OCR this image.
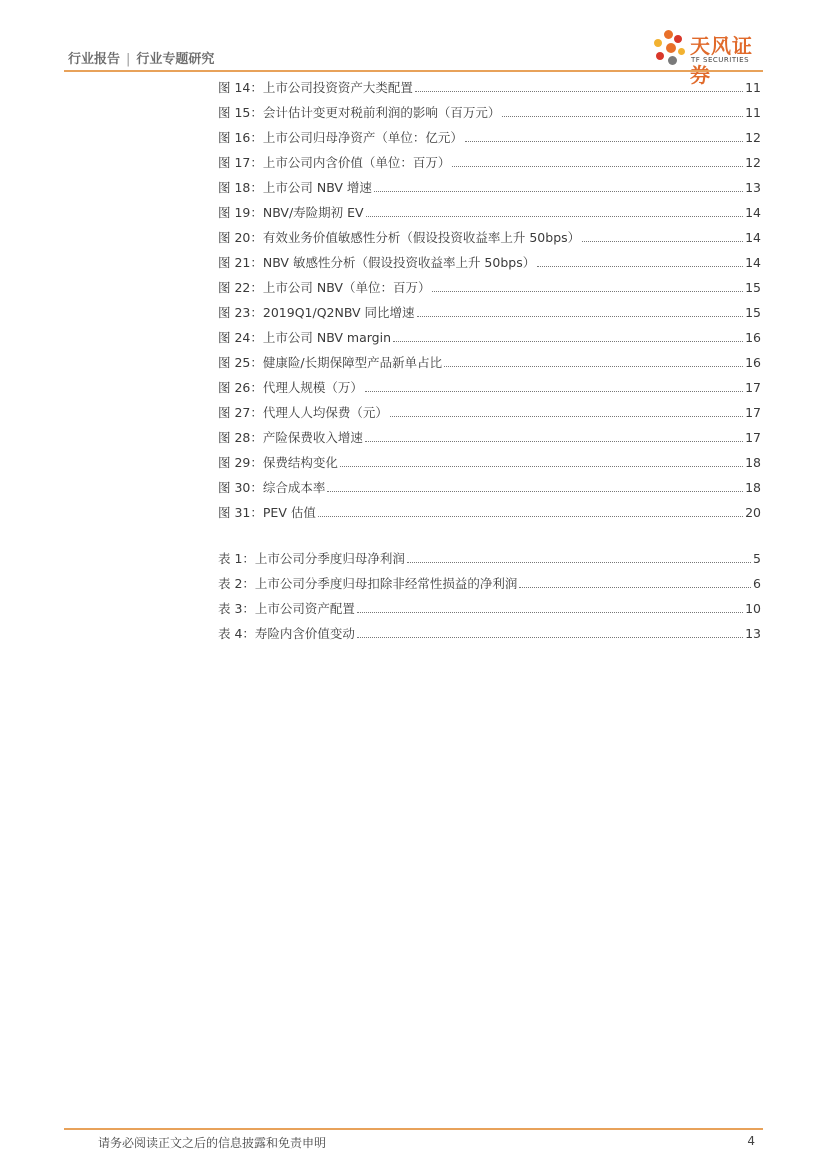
行业报告 | 行业专题研究
天风证券
TF SECURITIES
图 14：上市公司投资资产大类配置	11
图 15：会计估计变更对税前利润的影响（百万元）	11
图 16：上市公司归母净资产（单位：亿元）	12
图 17：上市公司内含价值（单位：百万）	12
图 18：上市公司 NBV 增速	13
图 19：NBV/寿险期初 EV	14
图 20：有效业务价值敏感性分析（假设投资收益率上升 50bps）	14
图 21：NBV 敏感性分析（假设投资收益率上升 50bps）	14
图 22：上市公司 NBV（单位：百万）	15
图 23：2019Q1/Q2NBV 同比增速	15
图 24：上市公司 NBV margin	16
图 25：健康险/长期保障型产品新单占比	16
图 26：代理人规模（万）	17
图 27：代理人人均保费（元）	17
图 28：产险保费收入增速	17
图 29：保费结构变化	18
图 30：综合成本率	18
图 31：PEV 估值	20
表 1：上市公司分季度归母净利润	5
表 2：上市公司分季度归母扣除非经常性损益的净利润	6
表 3：上市公司资产配置	10
表 4：寿险内含价值变动	13
请务必阅读正文之后的信息披露和免责申明	4
